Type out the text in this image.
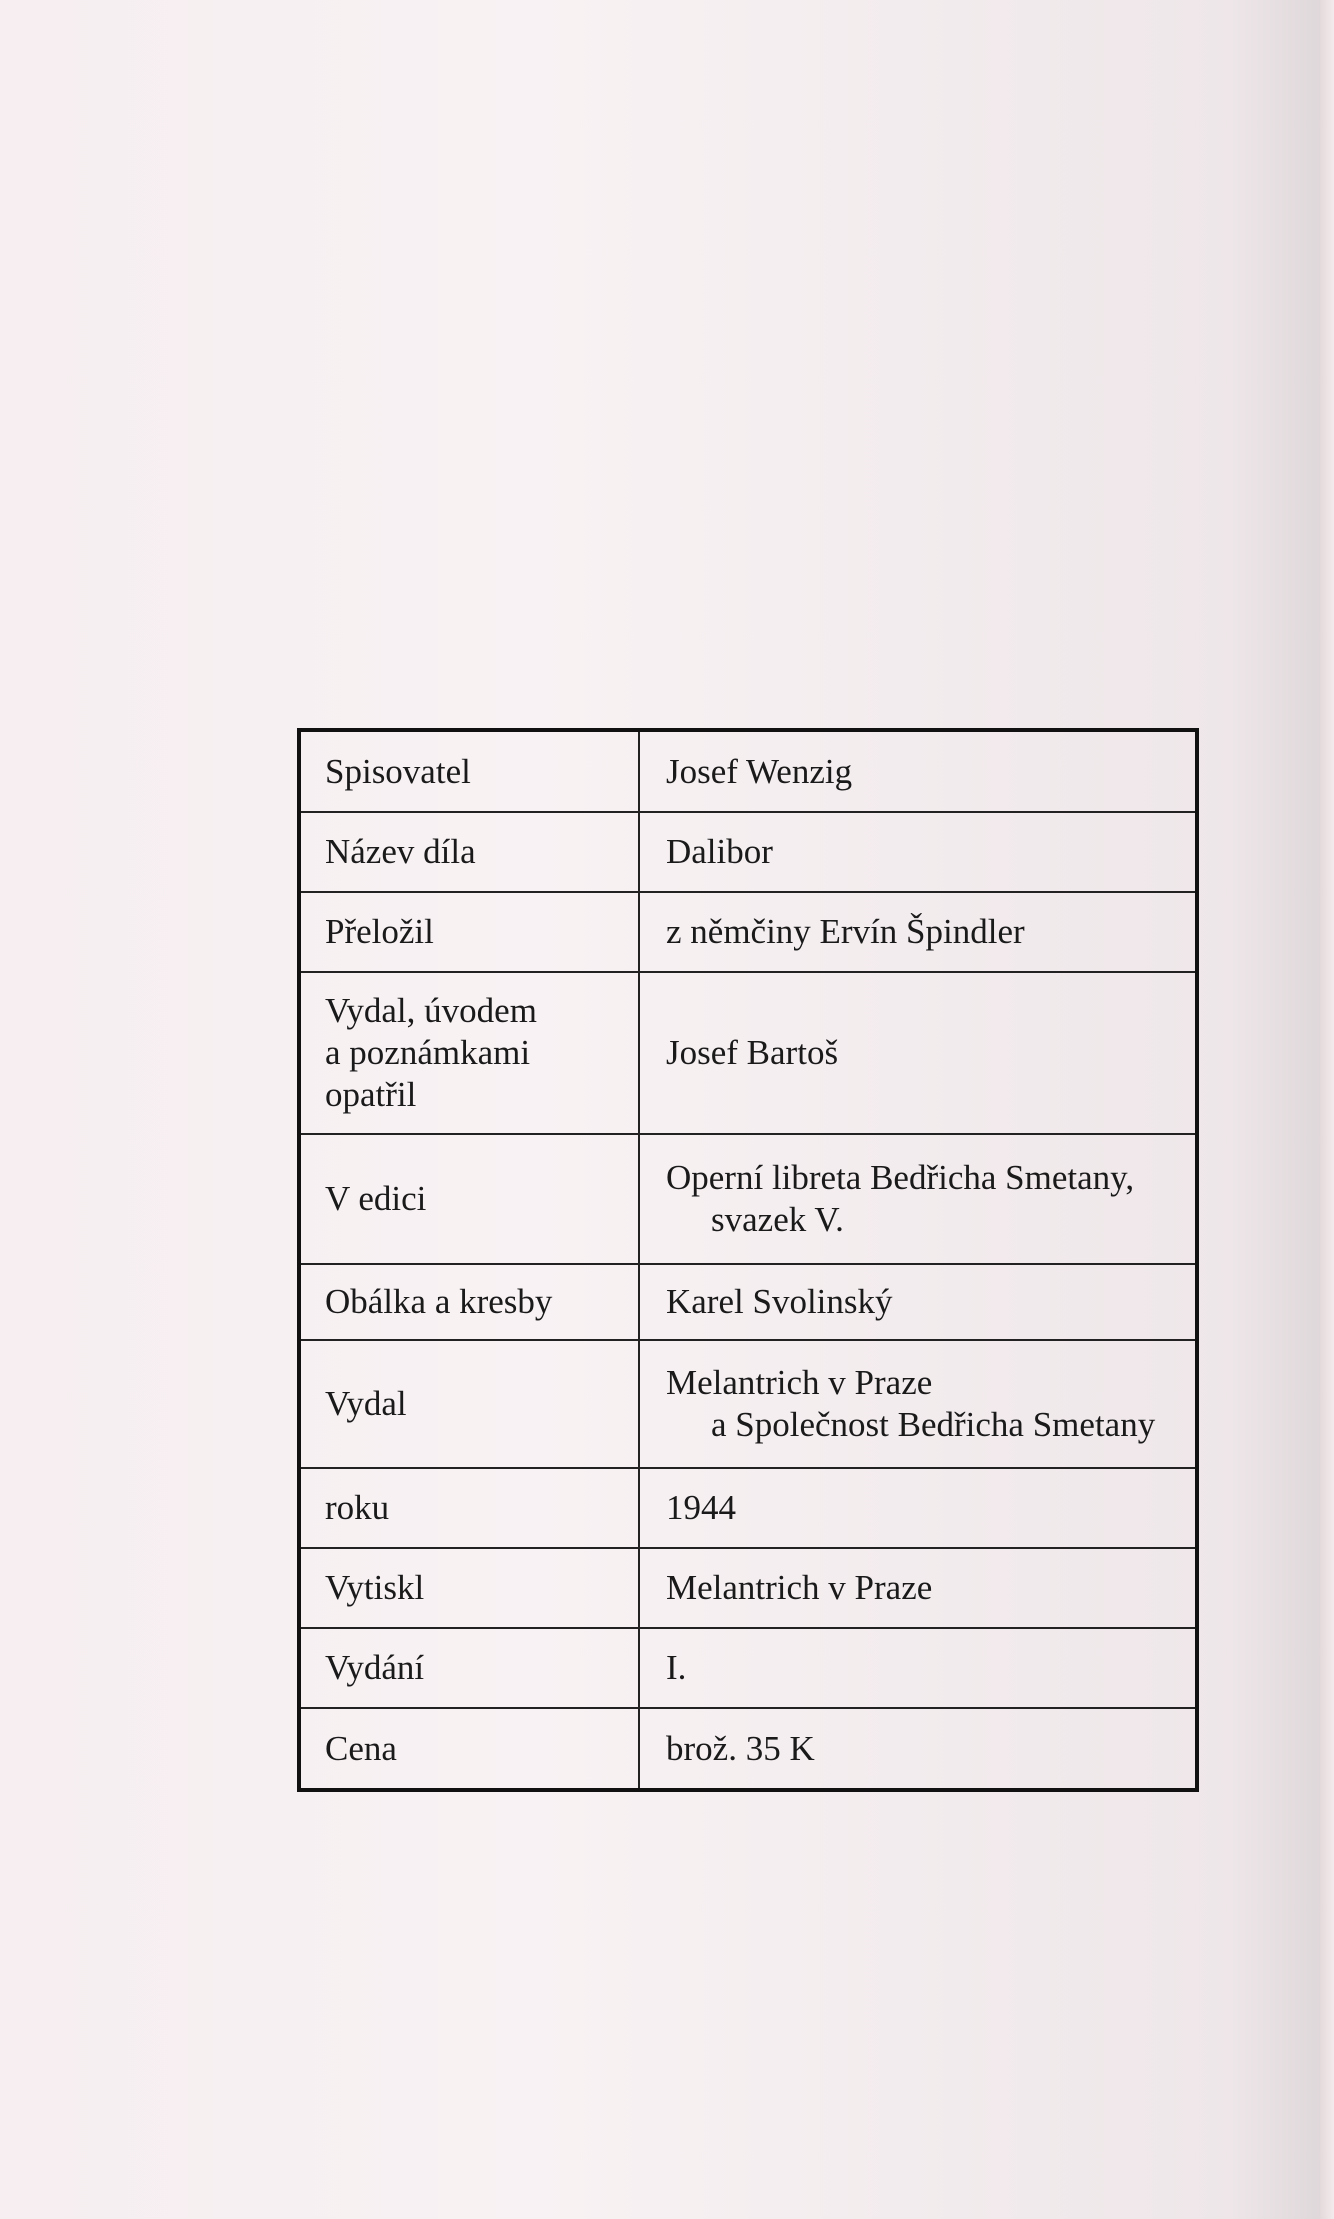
Spisovatel	Josef Wenzig
Název díla	Dalibor
Přeložil	z němčiny Ervín Špindler
Vydal, úvodem
a poznámkami
opatřil	Josef Bartoš
V edici	Operní libreta Bedřicha Smetany,
svazek V.

Obálka a kresby	Karel Svolinský
Vydal	Melantrich v Praze
a Společnost Bedřicha Smetany

roku	1944
Vytiskl	Melantrich v Praze
Vydání	I.
Cena	brož. 35 K
